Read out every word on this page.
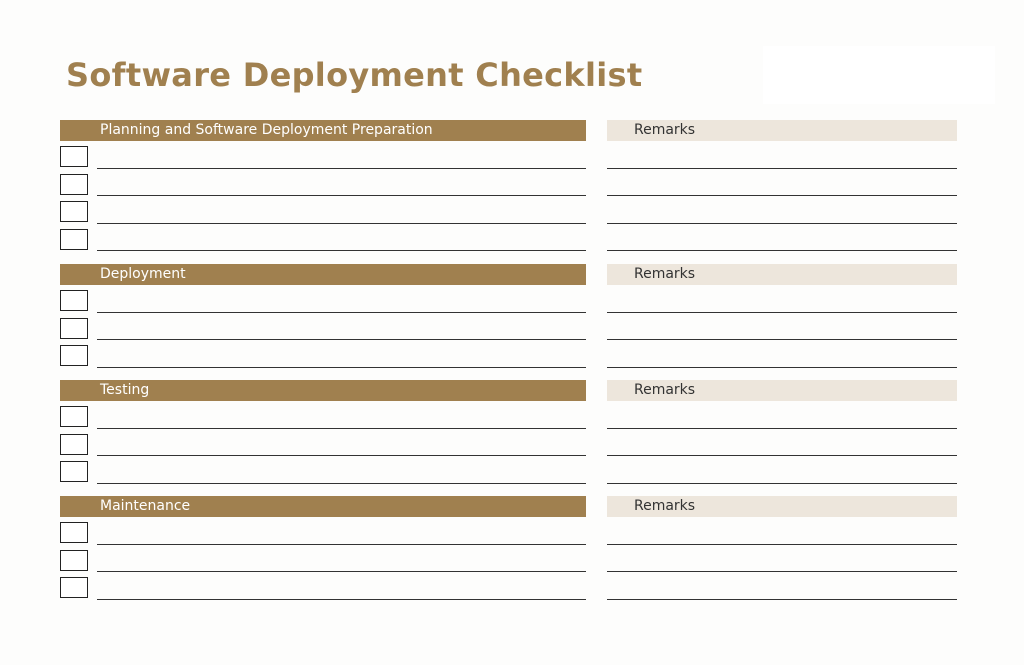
Software Deployment Checklist
Planning and Software Deployment Preparation	Remarks
Deployment	Remarks
Testing	Remarks
Maintenance	Remarks
